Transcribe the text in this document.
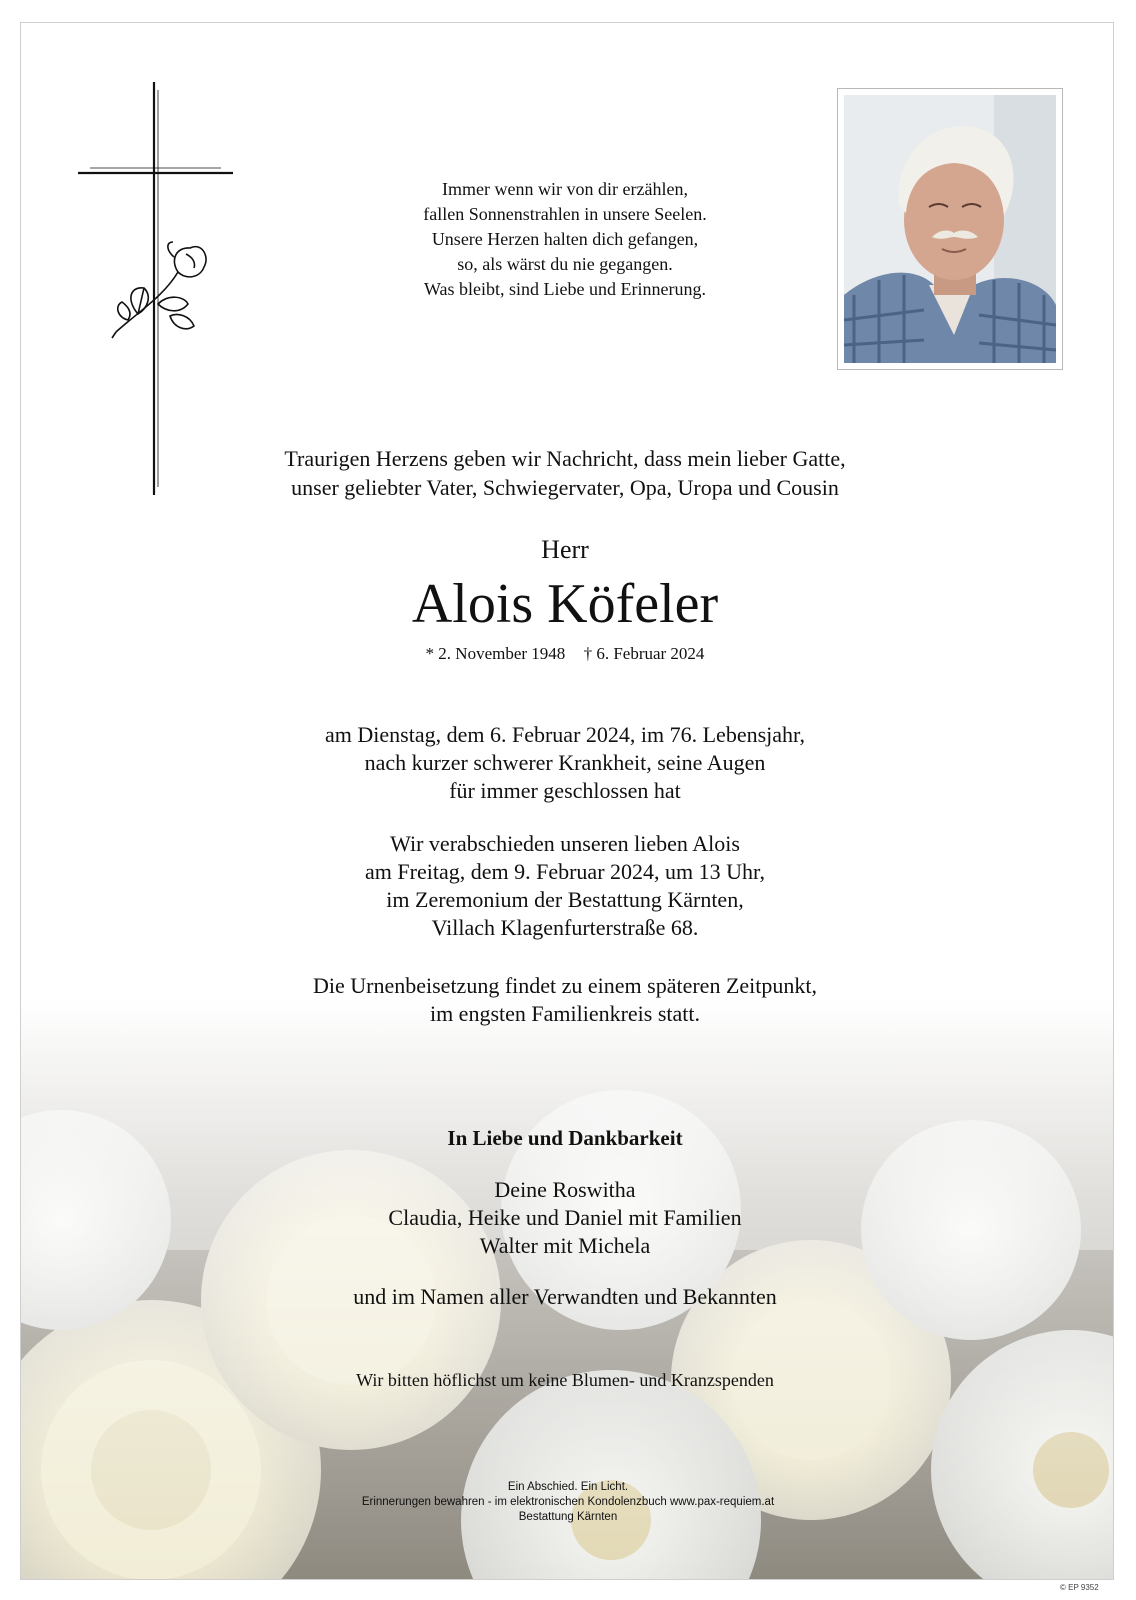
Immer wenn wir von dir erzählen,
fallen Sonnenstrahlen in unsere Seelen.
Unsere Herzen halten dich gefangen,
so, als wärst du nie gegangen.
Was bleibt, sind Liebe und Erinnerung.
Traurigen Herzens geben wir Nachricht, dass mein lieber Gatte,
unser geliebter Vater, Schwiegervater, Opa, Uropa und Cousin
Herr
Alois Köfeler
* 2. November 1948 † 6. Februar 2024
am Dienstag, dem 6. Februar 2024, im 76. Lebensjahr,
nach kurzer schwerer Krankheit, seine Augen
für immer geschlossen hat
Wir verabschieden unseren lieben Alois
am Freitag, dem 9. Februar 2024, um 13 Uhr,
im Zeremonium der Bestattung Kärnten,
Villach Klagenfurterstraße 68.
Die Urnenbeisetzung findet zu einem späteren Zeitpunkt,
im engsten Familienkreis statt.
In Liebe und Dankbarkeit
Deine Roswitha
Claudia, Heike und Daniel mit Familien
Walter mit Michela
und im Namen aller Verwandten und Bekannten
Wir bitten höflichst um keine Blumen- und Kranzspenden
Ein Abschied. Ein Licht.
Erinnerungen bewahren - im elektronischen Kondolenzbuch www.pax-requiem.at
Bestattung Kärnten
© EP 9352
